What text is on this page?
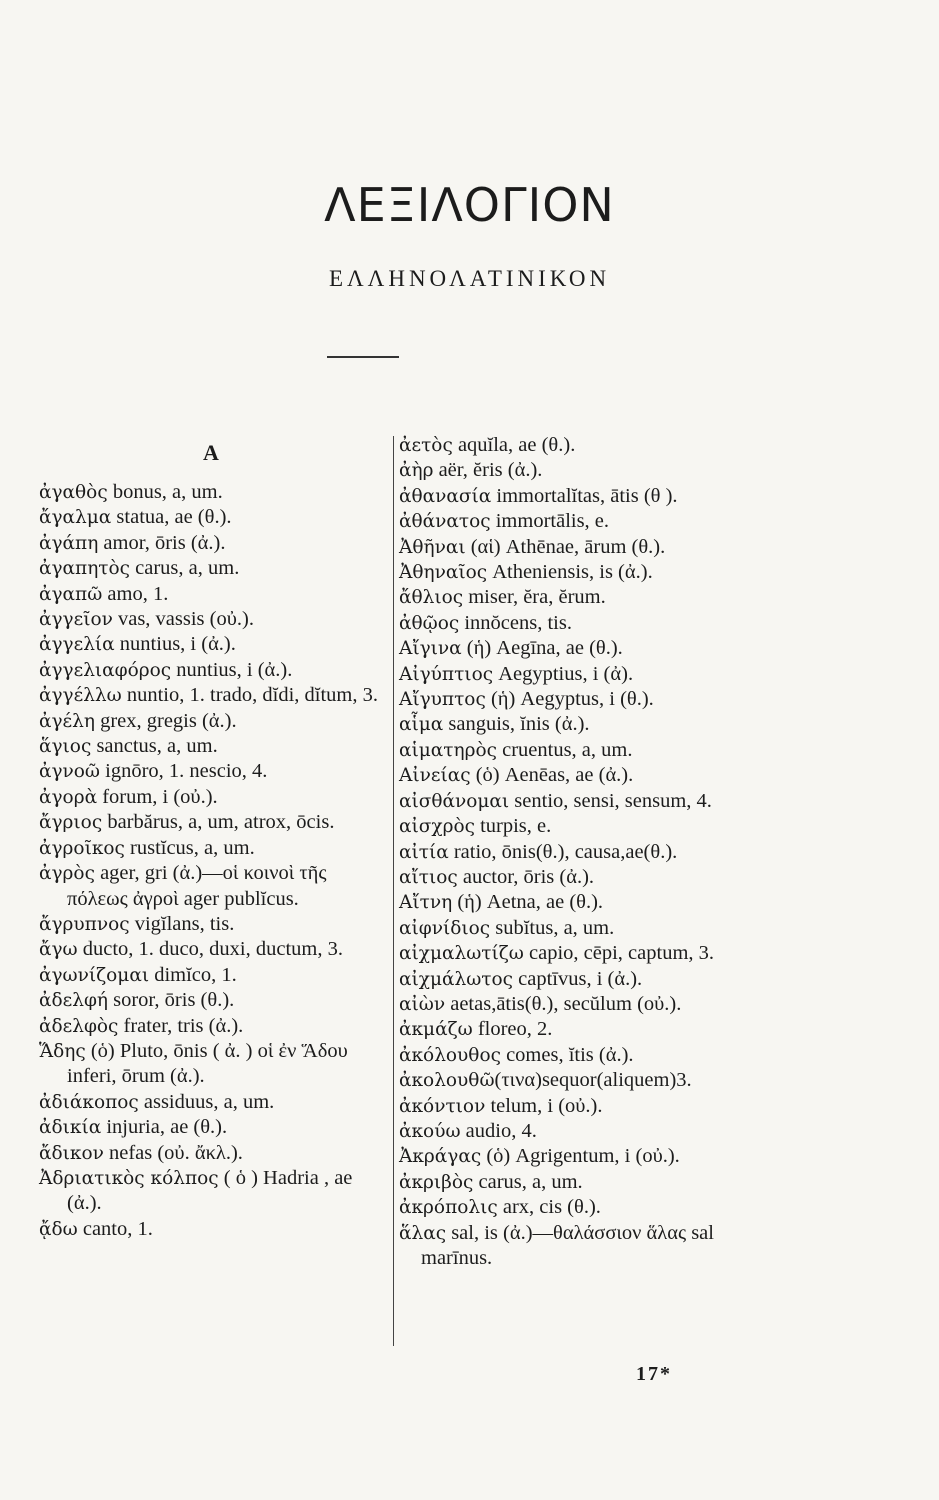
ΛΕΞΙΛΟΓΙΟΝ
ΕΛΛΗΝΟΛΑΤΙΝΙΚΟΝ
A
ἀγαθὸς bonus, a, um.
ἄγαλμα statua, ae (θ.).
ἀγάπη amor, ōris (ἀ.).
ἀγαπητὸς carus, a, um.
ἀγαπῶ amo, 1.
ἀγγεῖον vas, vassis (οὐ.).
ἀγγελία nuntius, i (ἀ.).
ἀγγελιαφόρος nuntius, i (ἀ.).
ἀγγέλλω nuntio, 1. trado, dĭdi, dĭtum, 3.
ἀγέλη grex, gregis (ἀ.).
ἅγιος sanctus, a, um.
ἀγνοῶ ignōro, 1. nescio, 4.
ἀγορὰ forum, i (οὐ.).
ἄγριος barbărus, a, um, atrox, ōcis.
ἀγροῖκος rustĭcus, a, um.
ἀγρὸς ager, gri (ἀ.)—οἱ κοινοὶ τῆς πόλεως ἀγροὶ ager publĭcus.
ἄγρυπνος vigĭlans, tis.
ἄγω ducto, 1. duco, duxi, ductum, 3.
ἀγωνίζομαι dimĭco, 1.
ἀδελφή soror, ōris (θ.).
ἀδελφὸς frater, tris (ἀ.).
Ἅδης (ὁ) Pluto, ōnis ( ἀ. ) οἱ ἐν Ἅδου inferi, ōrum (ἀ.).
ἀδιάκοπος assiduus, a, um.
ἀδικία injuria, ae (θ.).
ἄδικον nefas (οὐ. ἄκλ.).
Ἀδριατικὸς κόλπος ( ὁ ) Hadria , ae (ἀ.).
ᾄδω canto, 1.
ἀετὸς aquĭla, ae (θ.).
ἀὴρ aër, ĕris (ἀ.).
ἀθανασία immortalĭtas, ātis (θ ).
ἀθάνατος immortālis, e.
Ἀθῆναι (αἱ) Athēnae, ārum (θ.).
Ἀθηναῖος Atheniensis, is (ἀ.).
ἄθλιος miser, ĕra, ĕrum.
ἀθῷος innŏcens, tis.
Αἴγινα (ἡ) Aegīna, ae (θ.).
Αἰγύπτιος Aegyptius, i (ἀ).
Αἴγυπτος (ἡ) Aegyptus, i (θ.).
αἷμα sanguis, ĭnis (ἀ.).
αἱματηρὸς cruentus, a, um.
Αἰνείας (ὁ) Aenēas, ae (ἀ.).
αἰσθάνομαι sentio, sensi, sensum, 4.
αἰσχρὸς turpis, e.
αἰτία ratio, ōnis(θ.), causa,ae(θ.).
αἴτιος auctor, ōris (ἀ.).
Αἴτνη (ἡ) Aetna, ae (θ.).
αἰφνίδιος subĭtus, a, um.
αἰχμαλωτίζω capio, cēpi, captum, 3.
αἰχμάλωτος captīvus, i (ἀ.).
αἰὼν aetas,ātis(θ.), secŭlum (οὐ.).
ἀκμάζω floreo, 2.
ἀκόλουθος comes, ĭtis (ἀ.).
ἀκολουθῶ(τινα)sequor(aliquem)3.
ἀκόντιον telum, i (οὐ.).
ἀκούω audio, 4.
Ἀκράγας (ὁ) Agrigentum, i (οὐ.).
ἀκριβὸς carus, a, um.
ἀκρόπολις arx, cis (θ.).
ἅλας sal, is (ἀ.)—θαλάσσιον ἅλας sal marīnus.
17*
